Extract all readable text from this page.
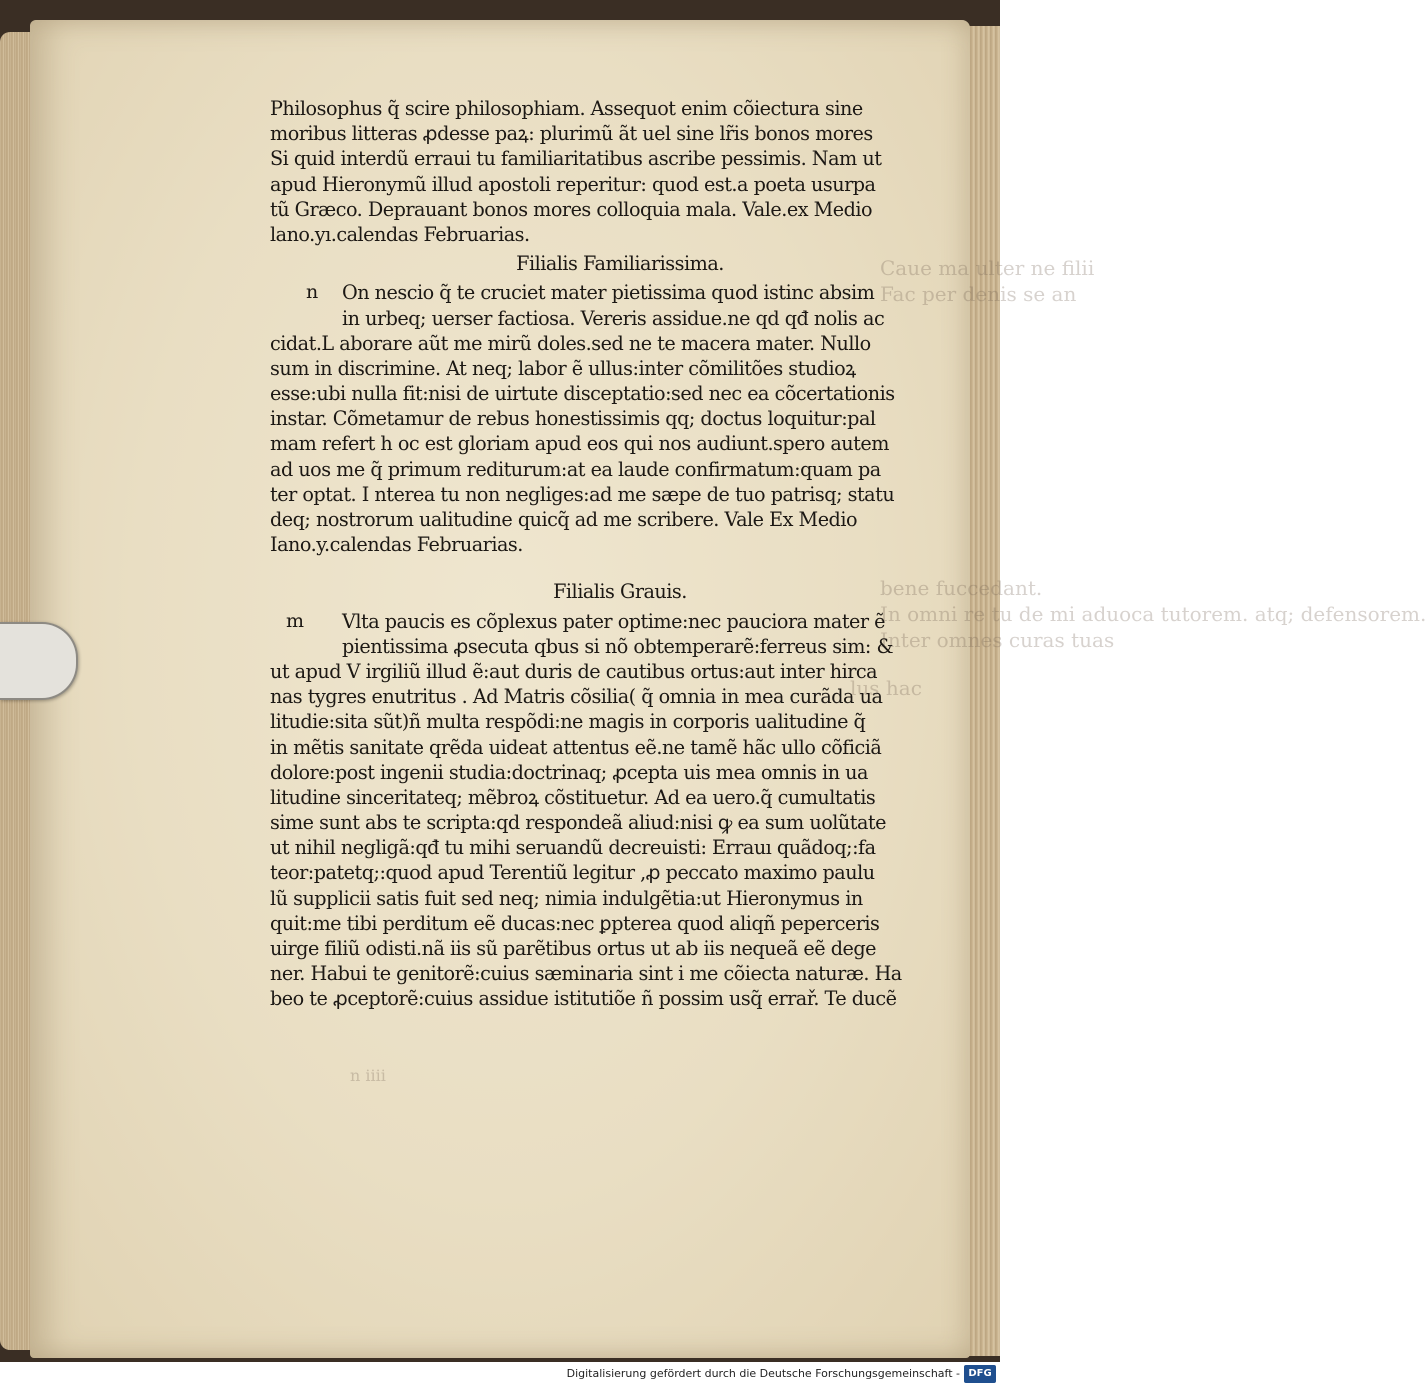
Caue ma ulter ne filii
Fac per denis se an
bene fuccedant.
In omni re tu de mi aduoca tutorem. atq; defensorem.
Inter omnes curas tuas
lus hac
n iiii
Philosophus q̃ scire philosophiam. Assequot enim cõiectura sine
moribus litteras ꝓdesse paꝝ: plurimũ ãt uel sine lr̃is bonos mores
Si quid interdũ erraui tu familiaritatibus ascribe pessimis. Nam ut
apud Hieronymũ illud apostoli reperitur: quod est.a poeta usurpa
tũ Græco. Deprauant bonos mores colloquia mala. Vale.ex Medio
lano.yı.calendas Februarias.
Filialis Familiarissima.
n	On nescio q̃ te cruciet mater pietissima quod istinc absim
in urbeq; uerser factiosa. Vereris assidue.ne qd qđ nolis ac
cidat.L aborare aũt me mirũ doles.sed ne te macera mater. Nullo
sum in discrimine. At neq; labor ẽ ullus:inter cõmilitões studioꝝ
esse:ubi nulla fit:nisi de uirtute disceptatio:sed nec ea cõcertationis
instar. Cõmetamur de rebus honestissimis qq; doctus loquitur:pal
mam refert h oc est gloriam apud eos qui nos audiunt.spero autem
ad uos me q̃ primum rediturum:at ea laude confirmatum:quam pa
ter optat. I nterea tu non negliges:ad me sæpe de tuo patrisq; statu
deq; nostrorum ualitudine quicq̃ ad me scribere. Vale Ex Medio
Iano.y.calendas Februarias.
Filialis Grauis.
m	Vlta paucis es cõplexus pater optime:nec pauciora mater ẽ
pientissima ꝓsecuta qbus si nõ obtemperarẽ:ferreus sim: &
ut apud V irgiliũ illud ẽ:aut duris de cautibus ortus:aut inter hirca
nas tygres enutritus . Ad Matris cõsilia( q̃ omnia in mea curãda ua
litudie:sita sũt)ñ multa respõdi:ne magis in corporis ualitudine q̃
in mẽtis sanitate qrẽda uideat attentus eẽ.ne tamẽ hãc ullo cõficiã
dolore:post ingenii studia:doctrinaq; ꝓcepta uis mea omnis in ua
litudine sinceritateq; mẽbroꝝ cõstituetur. Ad ea uero.q̃ cumultatis
sime sunt abs te scripta:qd respondeã aliud:nisi ꝙ ea sum uolũtate
ut nihil negligã:qđ tu mihi seruandũ decreuisti: Errauı quãdoq;:fa
teor:patetq;:quod apud Terentiũ legitur ,ꝓ peccato maximo paulu
lũ supplicii satis fuit sed neq; nimia indulgẽtia:ut Hieronymus in
quit:me tibi perditum eẽ ducas:nec ꝑpterea quod aliqñ peperceris
uirge filiũ odisti.nã iis sũ parẽtibus ortus ut ab iis nequeã eẽ dege
ner. Habui te genitorẽ:cuius sæminaria sint i me cõiecta naturæ. Ha
beo te ꝓceptorẽ:cuius assidue istitutiõe ñ possim usq̃ errař. Te ducẽ
Digitalisierung gefördert durch die Deutsche Forschungsgemeinschaft - DFG
